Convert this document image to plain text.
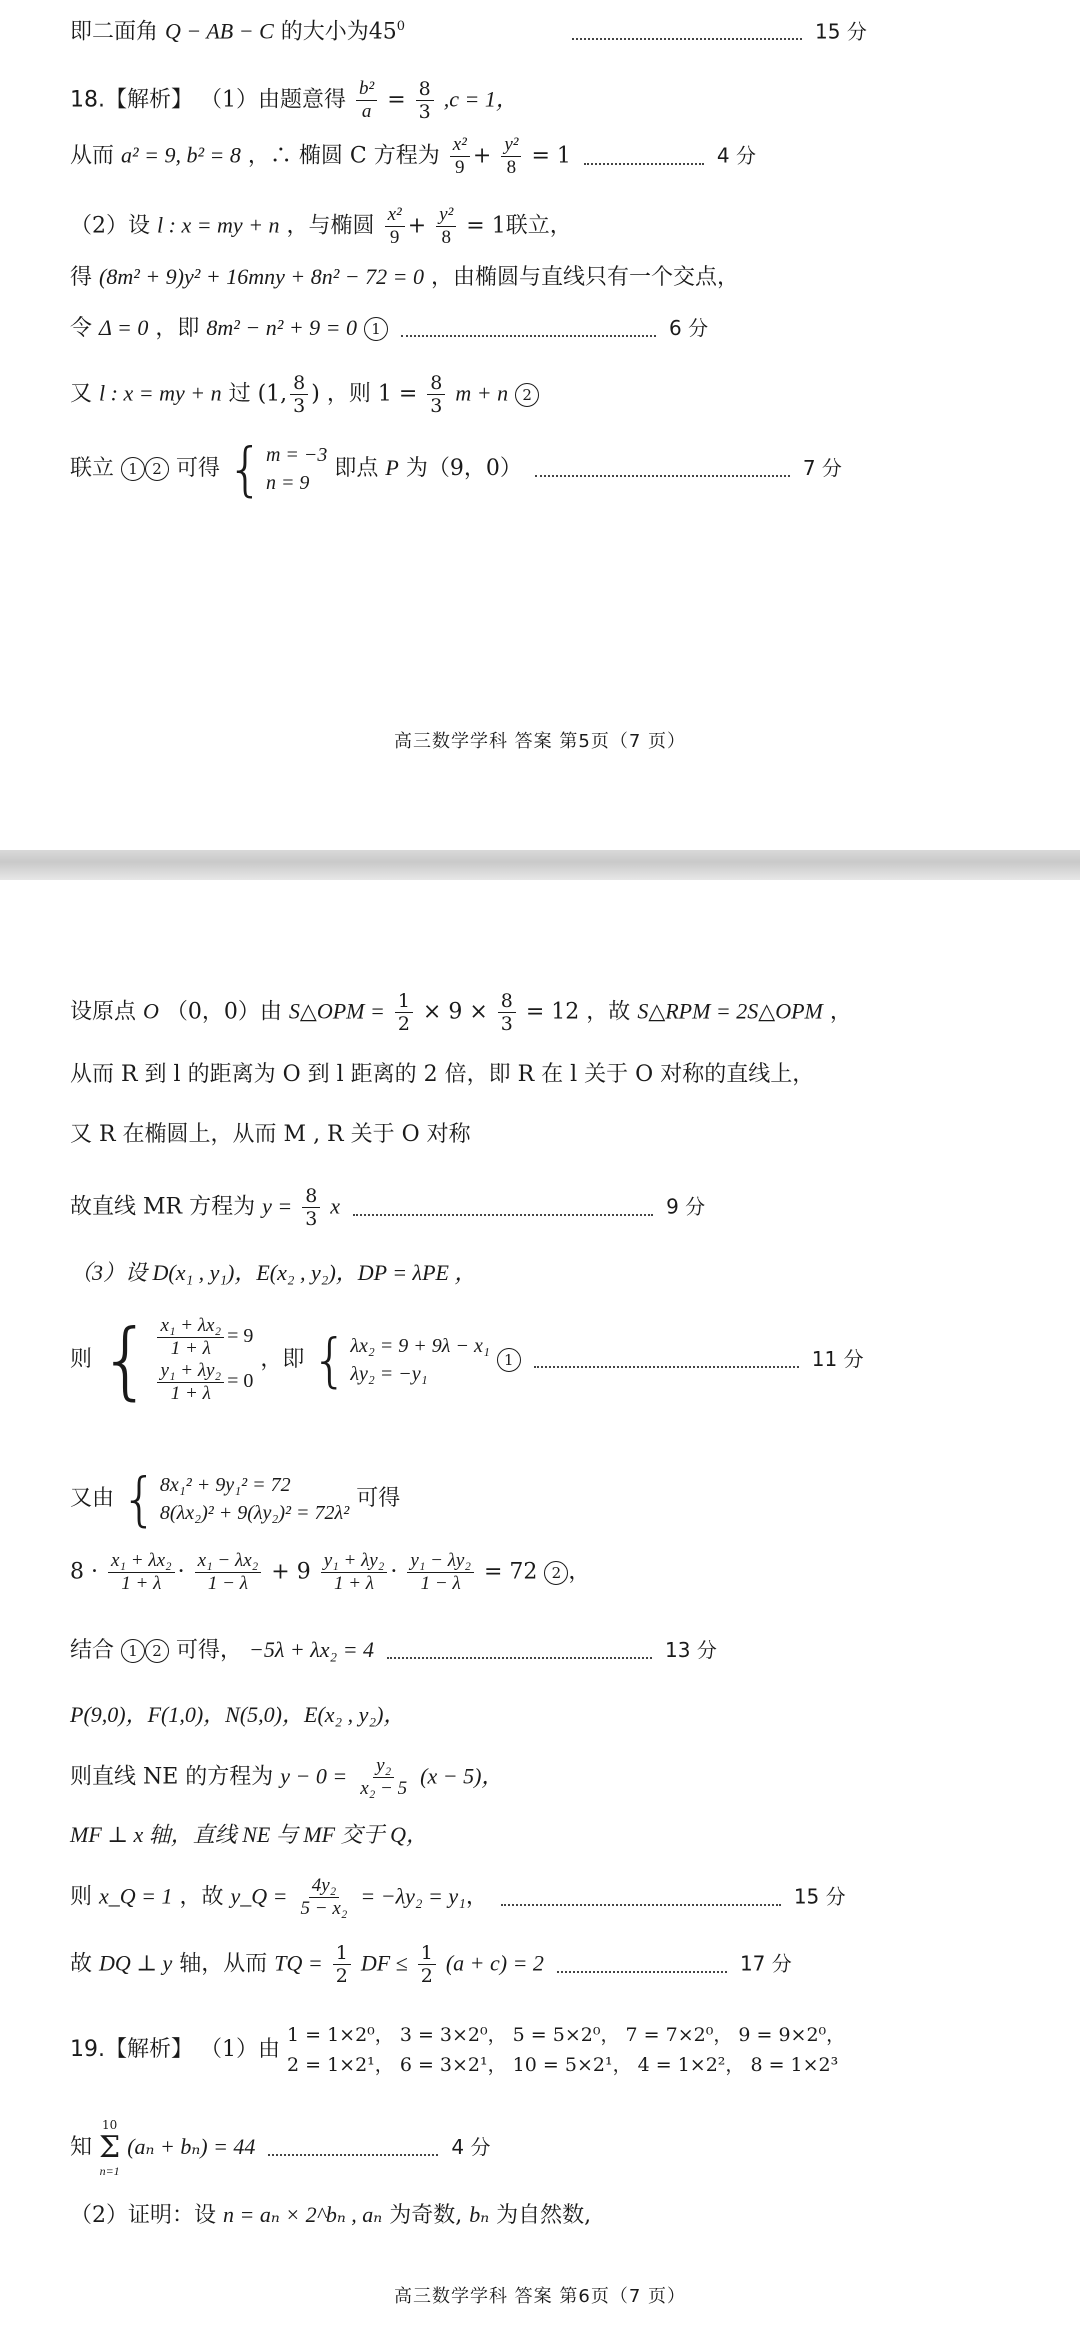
即二面角 Q − AB − C 的大小为$45^0$	15 分
18.【解析】 （1）由题意得 $\frac{\text{b²}}{a} = \frac{8}{3} ,c = 1$，
从而 a² = 9, b² = 8 ，∴ 椭圆 C 方程为 $\frac{\text{x²}}{9} + \frac{\text{y²}}{8} = 1$	4 分
（2）设 l : x = my + n ，与椭圆 $\frac{\text{x²}}{9} + \frac{\text{y²}}{8} = 1$联立，
得 (8m² + 9)y² + 16mny + 8n² − 72 = 0 ，由椭圆与直线只有一个交点，
令 Δ = 0 ，即 8m² − n² + 9 = 0 1	6 分
又 l : x = my + n 过 (1, $\frac{8}{3}$ ) ，则 $1 = \frac{8}{3}$ m + n 2
联立 1 2 可得 { m = −3
n = 9
即点 P 为（9，0）	7 分
高三数学学科 答案 第5页（7 页）
设原点 O （0，0）由 S△OPM = $\frac{1}{2} \times 9 \times \frac{8}{3} = 12$ ，故 S△RPM = 2S△OPM ，
从而 R 到 l 的距离为 O 到 l 距离的 2 倍，即 R 在 l 关于 O 对称的直线上，
又 R 在椭圆上，从而 M , R 关于 O 对称
故直线 MR 方程为 $y = \frac{8}{3}$ x	9 分
（3）设 D(x₁ , y₁)，E(x₂ , y₂)，DP = λPE ，
则 { $\frac{\text{x₁ + λx₂}}{1 + \lambda} = 9$
$\frac{\text{y₁ + λy₂}}{1 + \lambda} = 0$
，即 { λx₂ = 9 + 9λ − x₁
λy₂ = −y₁
1	11 分
又由 { 8x₁² + 9y₁² = 72
8(λx₂)² + 9(λy₂)² = 72λ²
可得
$8 \cdot \frac{\text{x₁ + λx₂}}{1 + \lambda} \cdot \frac{\text{x₁ − λx₂}}{1 - \lambda} + 9 \frac{\text{y₁ + λy₂}}{1 + \lambda} \cdot \frac{\text{y₁ − λy₂}}{1 - \lambda} = 72$ 2 ，
结合 1 2 可得， −5λ + λx₂ = 4	13 分
P(9,0)，F(1,0)，N(5,0)，E(x₂ , y₂)，
则直线 NE 的方程为 $y - 0 = \frac{\text{y₂}}{\text{x₂ − 5}} (x - 5)$，
MF ⊥ x 轴，直线 NE 与 MF 交于 Q，
则 x_Q = 1 ，故 y_Q = $\frac{\text{4y₂}}{\text{5 − x₂}} = -\lambda y_2 = y_1$，	15 分
故 DQ ⊥ y 轴，从而 TQ = $\frac{1}{2}$ DF ≤ $\frac{1}{2} (a + c) = 2$	17 分
19.【解析】 （1）由
1 = 1×2⁰， 3 = 3×2⁰， 5 = 5×2⁰， 7 = 7×2⁰， 9 = 9×2⁰，
2 = 1×2¹， 6 = 3×2¹， 10 = 5×2¹， 4 = 1×2²， 8 = 1×2³
知
10
Σ
n=1
(aₙ + bₙ) = 44	4 分
（2）证明：设 n = aₙ × 2^bₙ , aₙ 为奇数, bₙ 为自然数,
高三数学学科 答案 第6页（7 页）
